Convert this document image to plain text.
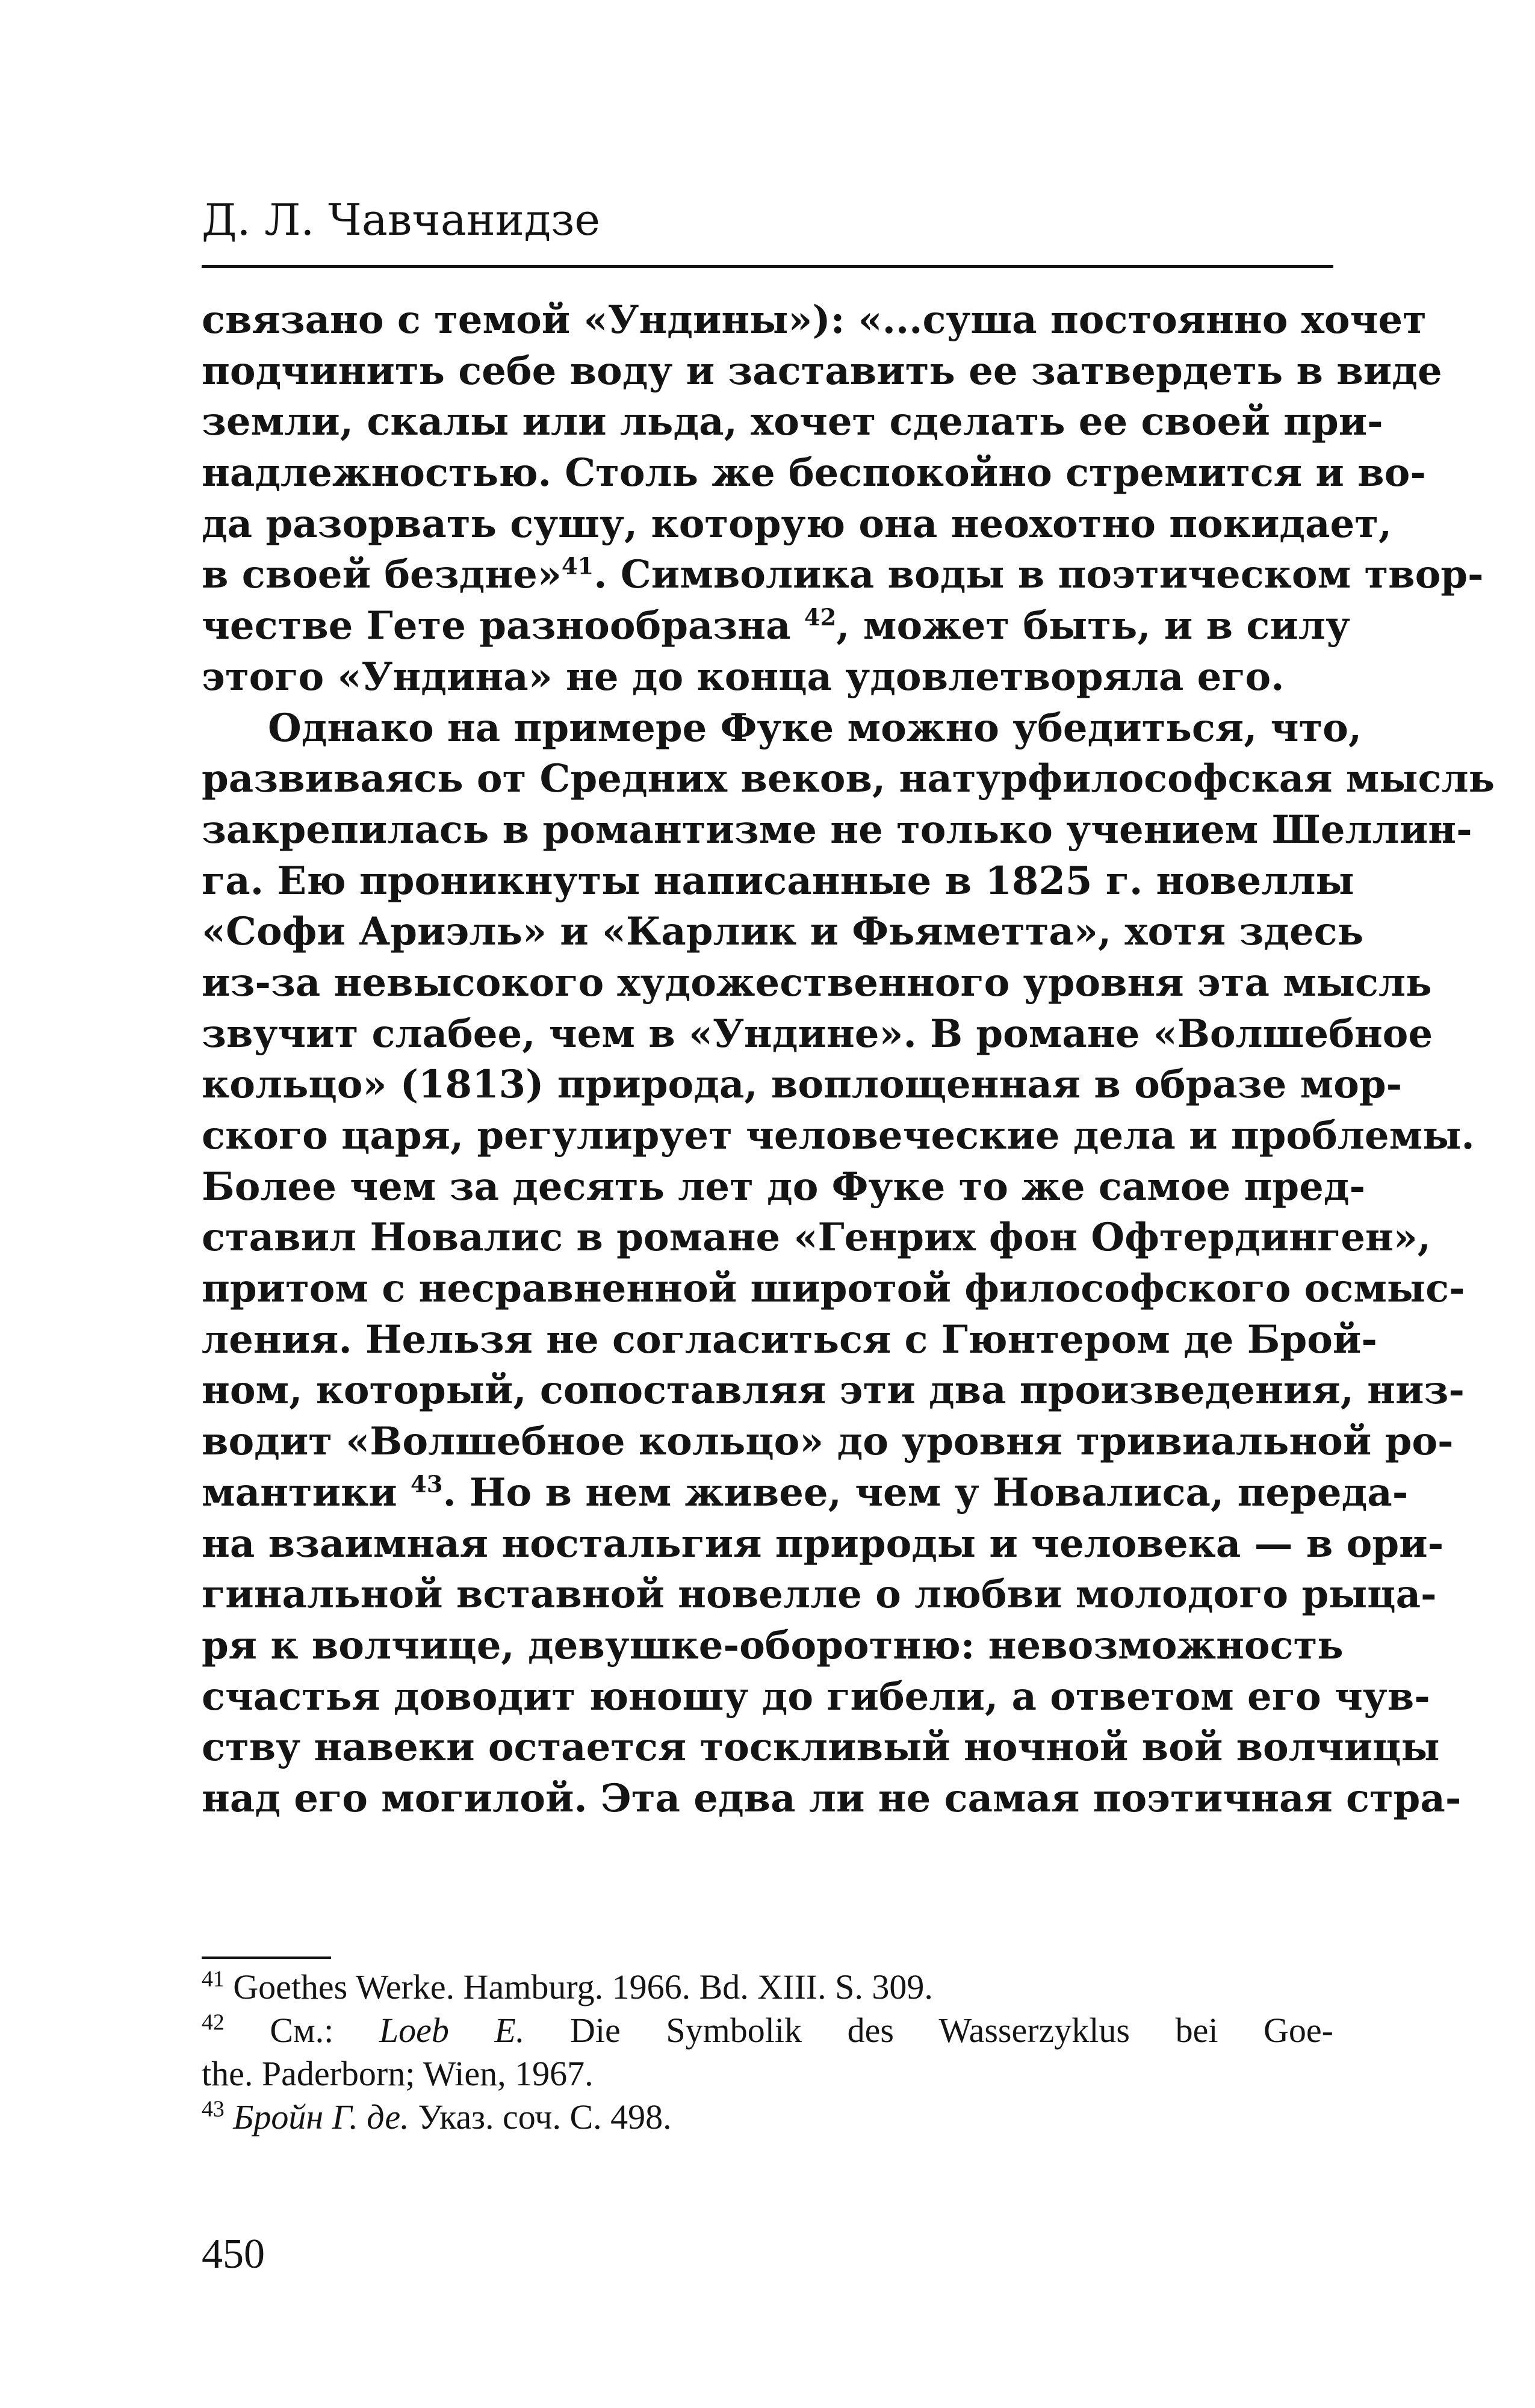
Д. Л. Чавчанидзе
связано с темой «Ундины»): «...суша постоянно хочет
подчинить себе воду и заставить ее затвердеть в виде
земли, скалы или льда, хочет сделать ее своей при-
надлежностью. Столь же беспокойно стремится и во-
да разорвать сушу, которую она неохотно покидает,
в своей бездне»$^{41}$. Символика воды в поэтическом твор-
честве Гете разнообразна $^{42}$, может быть, и в силу
этого «Ундина» не до конца удовлетворяла его.
Однако на примере Фуке можно убедиться, что,
развиваясь от Средних веков, натурфилософская мысль
закрепилась в романтизме не только учением Шеллин-
га. Ею проникнуты написанные в 1825 г. новеллы
«Софи Ариэль» и «Карлик и Фьяметта», хотя здесь
из-за невысокого художественного уровня эта мысль
звучит слабее, чем в «Ундине». В романе «Волшебное
кольцо» (1813) природа, воплощенная в образе мор-
ского царя, регулирует человеческие дела и проблемы.
Более чем за десять лет до Фуке то же самое пред-
ставил Новалис в романе «Генрих фон Офтердинген»,
притом с несравненной широтой философского осмыс-
ления. Нельзя не согласиться с Гюнтером де Брой-
ном, который, сопоставляя эти два произведения, низ-
водит «Волшебное кольцо» до уровня тривиальной ро-
мантики $^{43}$. Но в нем живее, чем у Новалиса, переда-
на взаимная ностальгия природы и человека — в ори-
гинальной вставной новелле о любви молодого рыца-
ря к волчице, девушке-оборотню: невозможность
счастья доводит юношу до гибели, а ответом его чув-
ству навеки остается тоскливый ночной вой волчицы
над его могилой. Эта едва ли не самая поэтичная стра-
$^{41}$ Goethes Werke. Hamburg. 1966. Bd. XIII. S. 309.
$^{42}$ См.: Loeb E. Die Symbolik des Wasserzyklus bei Goe-
the. Paderborn; Wien, 1967.
$^{43}$ Бройн Г. де. Указ. соч. С. 498.
450
